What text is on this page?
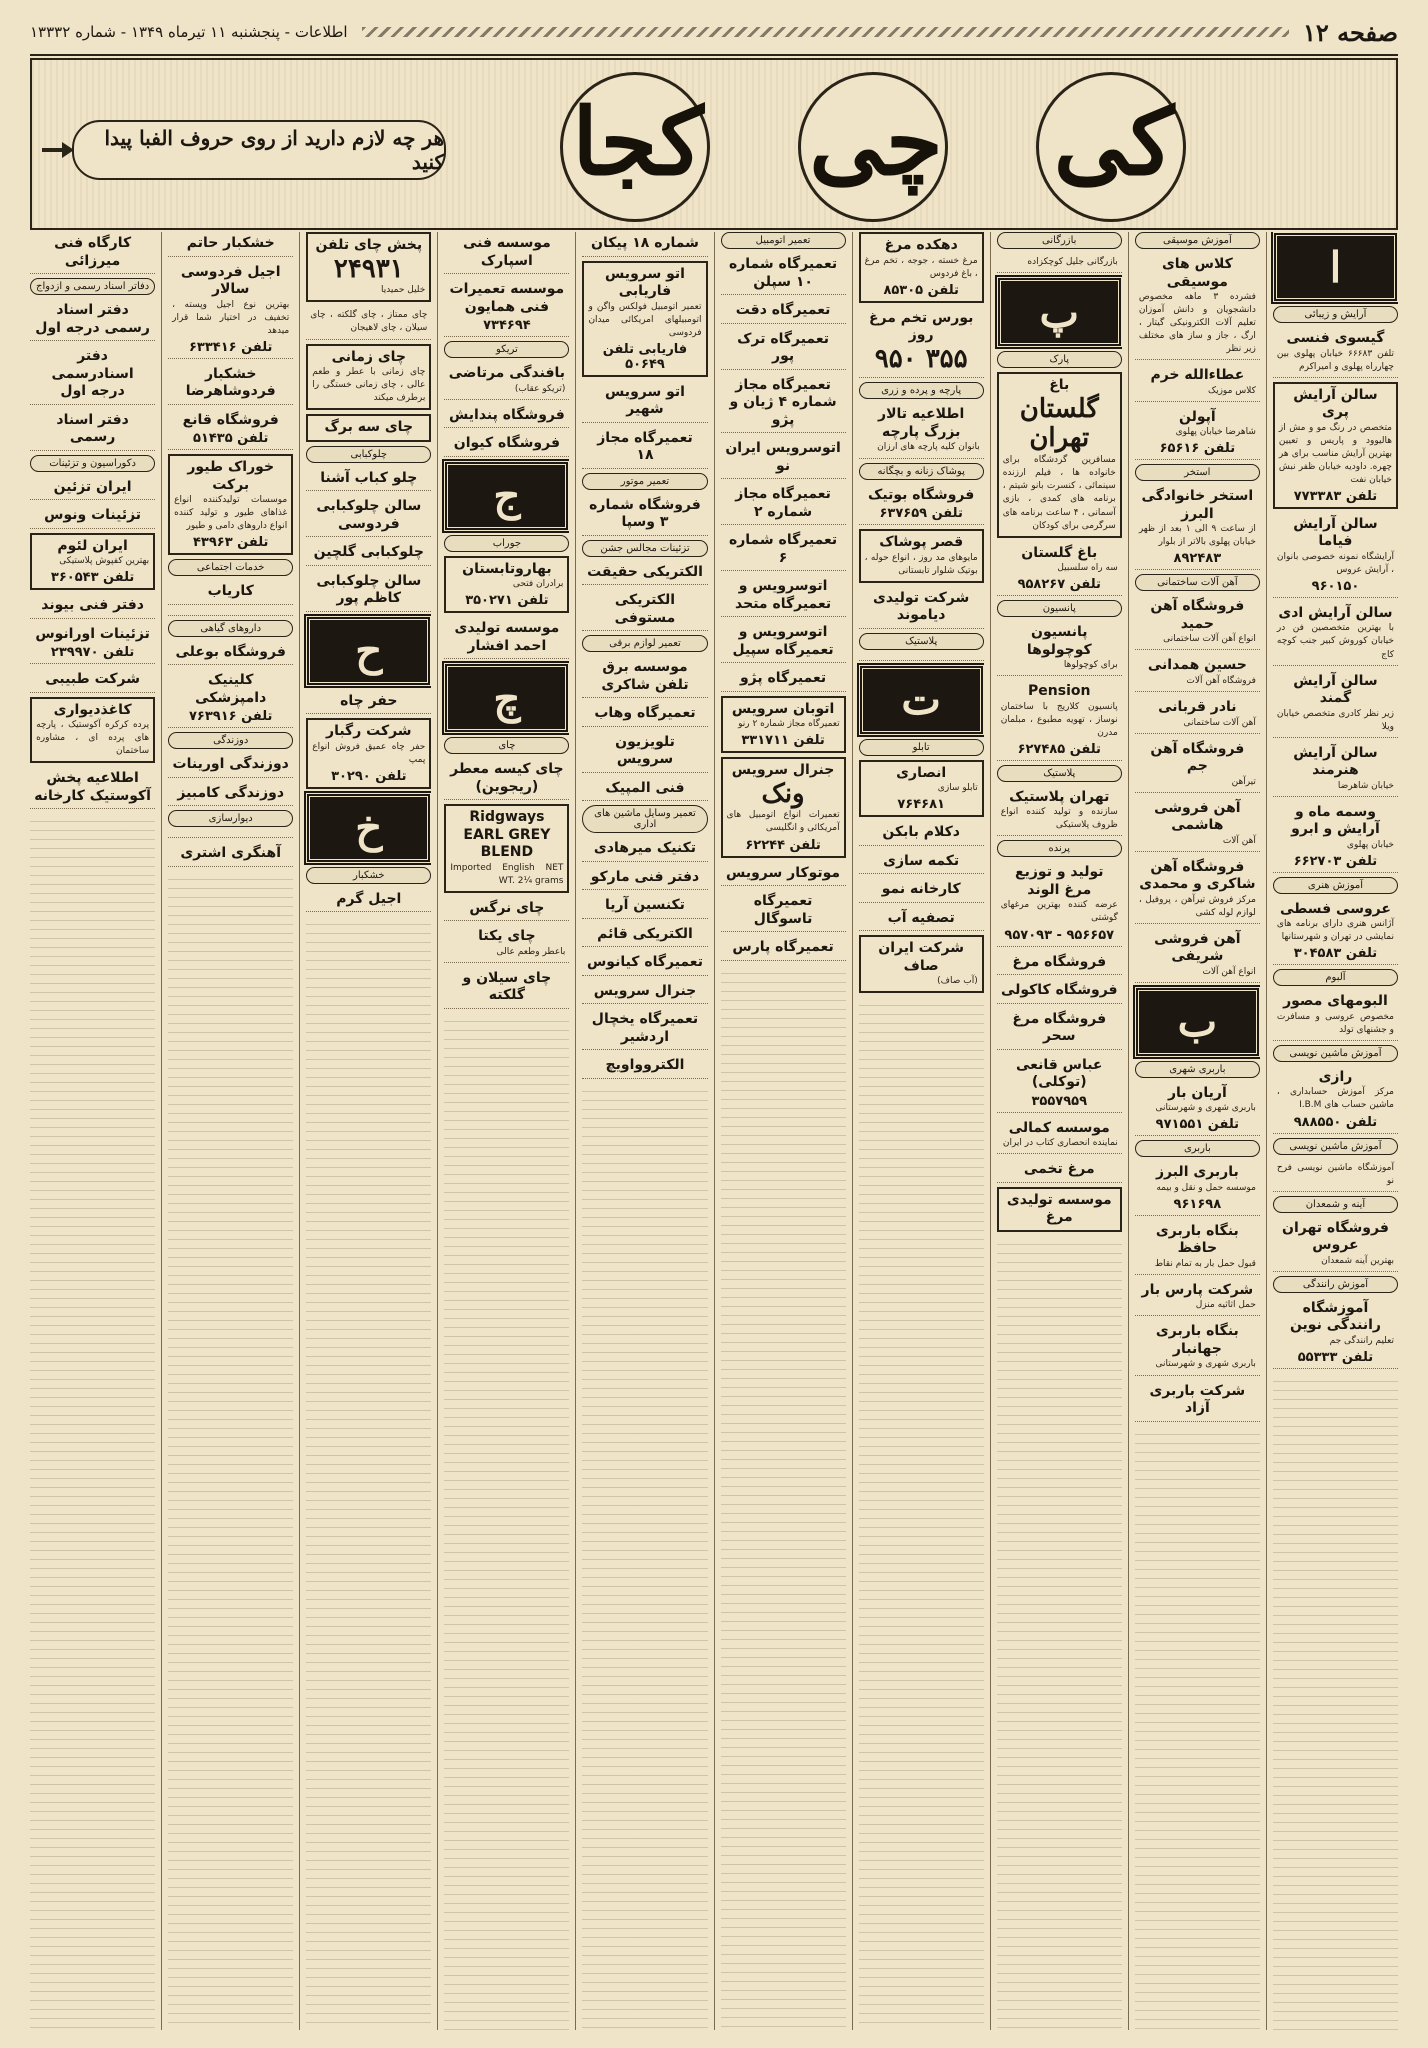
صفحه ۱۲
اطلاعات - پنجشنبه ۱۱ تیرماه ۱۳۴۹ - شماره ۱۳۳۳۲
کی
چی
کجا
هر چه لازم دارید از روی حروف الفبا پیدا کنید
ا
آرایش و زیبائی
گیسوی فنسی
تلفن ۶۶۶۸۳ خیابان پهلوی بین چهارراه پهلوی و امیراکرم
سالن آرایش پری
متخصص در رنگ مو و مش از هالیوود و پاریس و تعیین بهترین آرایش مناسب برای هر چهره. داودیه خیابان ظفر نبش خیابان نفت
تلفن ۷۷۳۳۸۳
سالن آرایش فیاما
آرایشگاه نمونه خصوصی بانوان ، آرایش عروس
۹۶۰۱۵۰
سالن آرایش ادی
با بهترین متخصصین فن در خیابان کوروش کبیر جنب کوچه کاج
سالن آرایش گمند
زیر نظر کادری متخصص خیابان ویلا
سالن آرایش هنرمند
خیابان شاهرضا
وسمه ماه و آرایش و ابرو
خیابان پهلوی
تلفن ۶۶۲۷۰۳
آموزش هنری
عروسی فسطی
آژانس هنری دارای برنامه های نمایشی در تهران و شهرستانها
تلفن ۳۰۴۵۸۳
آلبوم
البومهای مصور
مخصوص عروسی و مسافرت و جشنهای تولد
آموزش ماشین نویسی
رازی
مرکز آموزش حسابداری ، ماشین حساب های I.B.M
تلفن ۹۸۸۵۵۰
آموزش ماشین نویسی
آموزشگاه ماشین نویسی فرح نو
آینه و شمعدان
فروشگاه تهران عروس
بهترین آینه شمعدان
آموزش رانندگی
آموزشگاه رانندگی نوین
تعلیم رانندگی جم
تلفن ۵۵۳۳۳
آموزش موسیقی
کلاس های موسیقی
فشرده ۳ ماهه مخصوص دانشجویان و دانش آموزان تعلیم آلات الکترونیکی گیتار ، ارگ ، جاز و ساز های مختلف زیر نظر
عطاءالله خرم
کلاس موزیک
آپولن
شاهرضا خیابان پهلوی
تلفن ۶۵۶۱۶
استخر
استخر خانوادگی البرز
از ساعت ۹ الی ۱ بعد از ظهر خیابان پهلوی بالاتر از بلوار
۸۹۲۴۸۳
آهن آلات ساختمانی
فروشگاه آهن حمید
انواع آهن آلات ساختمانی
حسین همدانی
فروشگاه آهن آلات
نادر قربانی
آهن آلات ساختمانی
فروشگاه آهن جم
تیرآهن
آهن فروشی هاشمی
آهن آلات
فروشگاه آهن شاکری و محمدی
مرکز فروش تیرآهن ، پروفیل ، لوازم لوله کشی
آهن فروشی شریفی
انواع آهن آلات
ب
باربری شهری
آریان بار
باربری شهری و شهرستانی
تلفن ۹۷۱۵۵۱
باربری
باربری البرز
موسسه حمل و نقل و بیمه
۹۶۱۶۹۸
بنگاه باربری حافظ
قبول حمل بار به تمام نقاط
شرکت پارس بار
حمل اثاثیه منزل
بنگاه باربری جهانبار
باربری شهری و شهرستانی
شرکت باربری آزاد
بازرگانی
بازرگانی جلیل کوچکزاده
پ
پارک
باغ
گلستان تهران
مسافرین گردشگاه برای خانواده ها ، فیلم ارزنده سینمائی ، کنسرت بانو شیتم ، برنامه های کمدی ، بازی آسمانی ، ۴ ساعت برنامه های سرگرمی برای کودکان
باغ گلستان
سه راه سلسبیل
تلفن ۹۵۸۲۶۷
پانسیون
پانسیون کوچولوها
برای کوچولوها
Pension
پانسیون کلاریج با ساختمان نوساز ، تهویه مطبوع ، مبلمان مدرن
تلفن ۶۲۷۴۸۵
پلاستیک
تهران پلاستیک
سازنده و تولید کننده انواع ظروف پلاستیکی
پرنده
تولید و توزیع مرغ الوند
عرضه کننده بهترین مرغهای گوشتی
۹۵۶۶۵۷ - ۹۵۷۰۹۳
فروشگاه مرغ
فروشگاه کاکولی
فروشگاه مرغ سحر
عباس قانعی (توکلی)
۳۵۵۷۹۵۹
موسسه کمالی
نماینده انحصاری کتاب در ایران
مرغ تخمی
موسسه تولیدی مرغ
دهکده مرغ
مرغ خسته ، جوجه ، تخم مرغ ، باغ فردوس
تلفن ۸۵۳۰۵
بورس تخم مرغ روز
۳۵۵ ۹۵۰
پارچه و پرده و زری
اطلاعیه تالار بزرگ پارچه
بانوان کلیه پارچه های ارزان
پوشاک زنانه و بچگانه
فروشگاه بوتیک
تلفن ۶۳۷۶۵۹
قصر پوشاک
مایوهای مد روز ، انواع حوله ، بوتیک شلوار تابستانی
شرکت تولیدی دیاموند
پلاستیک
ت
تابلو
انصاری
تابلو سازی
۷۶۴۶۸۱
دکلام بابکن
تکمه سازی
کارخانه نمو
تصفیه آب
شرکت ایران صاف
(آب صاف)
تعمیر اتومبیل
تعمیرگاه شماره ۱۰ سپلن
تعمیرگاه دقت
تعمیرگاه ترک پور
تعمیرگاه مجاز شماره ۴ ژیان و پژو
اتوسرویس ایران نو
تعمیرگاه مجاز شماره ۲
تعمیرگاه شماره ۶
اتوسرویس و تعمیرگاه متحد
اتوسرویس و تعمیرگاه سپیل
تعمیرگاه پژو
اتوبان سرویس
تعمیرگاه مجاز شماره ۲ رنو
تلفن ۳۳۱۷۱۱
جنرال سرویس
ونک
تعمیرات انواع اتومبیل های آمریکائی و انگلیسی
تلفن ۶۲۲۴۴
موتوکار سرویس
تعمیرگاه تاسوگال
تعمیرگاه پارس
شماره ۱۸ پیکان
اتو سرویس فاریابی
تعمیر اتومبیل فولکس واگن و اتومبیلهای امریکائی میدان فردوسی
فاریابی تلفن ۵۰۶۴۹
اتو سرویس شهیر
تعمیرگاه مجاز ۱۸
تعمیر موتور
فروشگاه شماره ۳ وسپا
تزئینات مجالس جشن
الکتریکی حقیقت
الکتریکی مستوفی
تعمیر لوازم برقی
موسسه برق تلفن شاکری
تعمیرگاه وهاب
تلویزیون سرویس
فنی المپیک
تعمیر وسایل ماشین های اداری
تکنیک میرهادی
دفتر فنی مارکو
تکنسین آریا
الکتریکی قائم
تعمیرگاه کیانوس
جنرال سرویس
تعمیرگاه یخچال اردشیر
الکتروواویچ
موسسه فنی اسپارک
موسسه تعمیرات فنی همایون
۷۳۴۶۹۴
تریکو
بافندگی مرتاضی
(تریکو عقاب)
فروشگاه پندایش
فروشگاه کیوان
ج
جوراب
بهاروتابستان
برادران فتحی
تلفن ۳۵۰۲۷۱
موسسه تولیدی احمد افشار
چ
چای
چای کیسه معطر (ریجوین)
Ridgways
EARL GREY BLEND
Imported English NET WT. 2¼ grams
چای نرگس
چای یکتا
باعطر وطعم عالی
چای سیلان و گلکته
پخش چای تلفن
۲۴۹۳۱
خلیل حمیدیا
چای ممتاز ، چای گلکته ، چای سیلان ، چای لاهیجان
چای زمانی
چای زمانی با عطر و طعم عالی ، چای زمانی خستگی را برطرف میکند
چای سه برگ
چلوکبابی
چلو کباب آشنا
سالن چلوکبابی فردوسی
چلوکبابی گلچین
سالن چلوکبابی کاظم پور
ح
حفر چاه
شرکت رگبار
حفر چاه عمیق فروش انواع پمپ
تلفن ۳۰۲۹۰
خ
خشکبار
اجیل گرم
خشکبار حاتم
اجیل فردوسی سالار
بهترین نوع اجیل وپسته ، تخفیف در اختیار شما قرار میدهد
تلفن ۶۳۳۴۱۶
خشکبار فردوشاهرضا
فروشگاه قانع
تلفن ۵۱۴۳۵
خوراک طیور برکت
موسسات تولیدکننده انواع غذاهای طیور و تولید کننده انواع داروهای دامی و طیور
تلفن ۴۳۹۶۳
خدمات اجتماعی
کاریاب
داروهای گیاهی
فروشگاه بوعلی
کلینیک دامپزشکی
تلفن ۷۶۳۹۱۶
دوزندگی
دوزندگی اورینات
دوزندگی کامبیز
دیوارسازی
آهنگری اشتری
کارگاه فنی میرزائی
دفاتر اسناد رسمی و ازدواج
دفتر اسناد رسمی درجه اول
دفتر اسنادرسمی درجه اول
دفتر اسناد رسمی
دکوراسیون و تزئینات
ایران تزئین
تزئینات ونوس
ایران لئوم
بهترین کفپوش پلاستیکی
تلفن ۳۶۰۵۴۳
دفتر فنی بیوند
تزئینات اورانوس
تلفن ۲۳۹۹۷۰
شرکت طبیبی
کاغذدیواری
پرده کرکره آکوستیک ، پارچه های پرده ای ، مشاوره ساختمان
اطلاعیه پخش آکوستیک کارخانه
